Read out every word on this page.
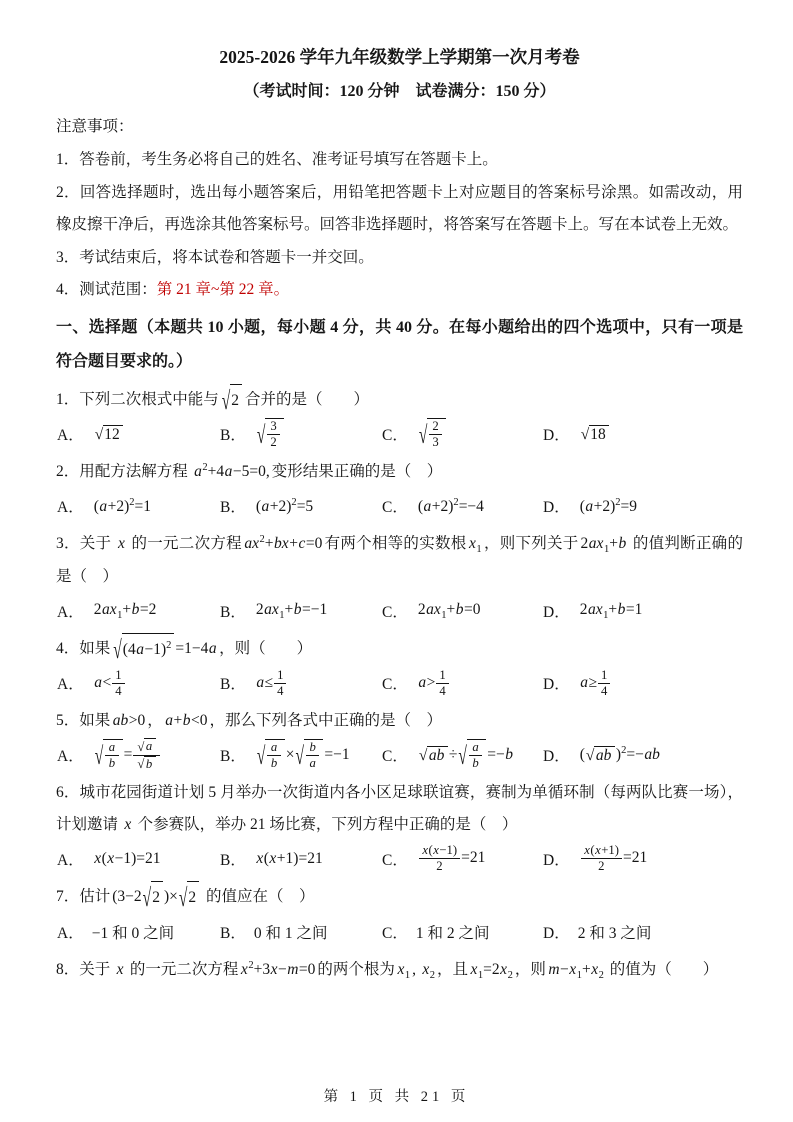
2025-2026 学年九年级数学上学期第一次月考卷
（考试时间：120 分钟　试卷满分：150 分）
注意事项：
1．答卷前，考生务必将自己的姓名、准考证号填写在答题卡上。
2．回答选择题时，选出每小题答案后，用铅笔把答题卡上对应题目的答案标号涂黑。如需改动，用橡皮擦干净后，再选涂其他答案标号。回答非选择题时，将答案写在答题卡上。写在本试卷上无效。
3．考试结束后，将本试卷和答题卡一并交回。
4．测试范围：第 21 章~第 22 章。
一、选择题（本题共 10 小题，每小题 4 分，共 40 分。在每小题给出的四个选项中，只有一项是符合题目要求的。）
1．下列二次根式中能与 √ 2 合并的是（　　）
A． √ 12	B． √ $\frac{3}{2}$	C． √ $\frac{2}{3}$	D． √ 18
2．用配方法解方程 $a^2+4a-5=0$, 变形结果正确的是（　）
A． $(a+2)^2=1$	B． $(a+2)^2=5$	C． $(a+2)^2=-4$	D． $(a+2)^2=9$
3．关于 x 的一元二次方程 $ax^2+bx+c=0$ 有两个相等的实数根 $x_1$ ，则下列关于 $2ax_1+b$ 的值判断正确的是（　）
A． $2ax_1+b=2$	B． $2ax_1+b=-1$	C． $2ax_1+b=0$	D． $2ax_1+b=1$
4．如果 √ $(4a-1)^2 =1-4a$ ，则（　　）
A． $a< \frac{1}{4}$	B． $a\le \frac{1}{4}$	C． $a> \frac{1}{4}$	D． $a\ge \frac{1}{4}$
5．如果 ab>0 ， a+b<0 ，那么下列各式中正确的是（　）
A． √ $\frac{a}{b} = \frac{√ a}{√ b}$	B． √ $\frac{a}{b}$ × √ $\frac{b}{a} =-1$ C． √ ab ÷ √ $\frac{a}{b} =-b$ D． ( √ ab )$^2$=−ab
6．城市花园街道计划 5 月举办一次街道内各小区足球联谊赛，赛制为单循环制（每两队比赛一场），计划邀请 x 个参赛队，举办 21 场比赛，下列方程中正确的是（　）
A． x(x−1)=21	B． x(x+1)=21	C． $\frac{x(x-1)}{2} =21$	D． $\frac{x(x+1)}{2} =21$
7．估计 (3−2 √ 2 )× √ 2 的值应在（　）
A． −1 和 0 之间	B． 0 和 1 之间	C． 1 和 2 之间	D． 2 和 3 之间
8．关于 x 的一元二次方程 $x^2+3x-m=0$ 的两个根为 $x_1$ , $x_2$ ，且 $x_1=2x_2$ ，则 $m-x_1+x_2$ 的值为（　　）
第 1 页 共 21 页
